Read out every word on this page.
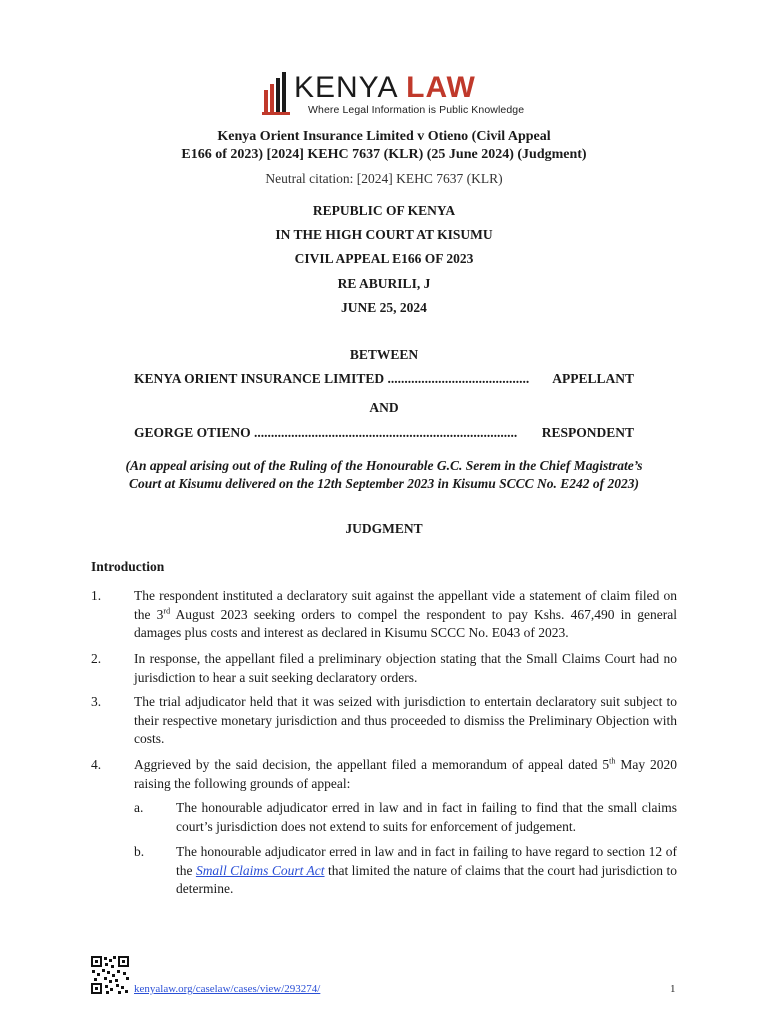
KENYA LAW
Where Legal Information is Public Knowledge
Kenya Orient Insurance Limited v Otieno (Civil Appeal
E166 of 2023) [2024] KEHC 7637 (KLR) (25 June 2024) (Judgment)
Neutral citation: [2024] KEHC 7637 (KLR)
REPUBLIC OF KENYA
IN THE HIGH COURT AT KISUMU
CIVIL APPEAL E166 OF 2023
RE ABURILI, J
JUNE 25, 2024
BETWEEN
KENYA ORIENT INSURANCE LIMITED .......................................... APPELLANT
AND
GEORGE OTIENO .............................................................................. RESPONDENT
(An appeal arising out of the Ruling of the Honourable G.C. Serem in the Chief Magistrate’s
Court at Kisumu delivered on the 12th September 2023 in Kisumu SCCC No. E242 of 2023)
JUDGMENT
Introduction
1. The respondent instituted a declaratory suit against the appellant vide a statement of claim filed on the 3rd August 2023 seeking orders to compel the respondent to pay Kshs. 467,490 in general damages plus costs and interest as declared in Kisumu SCCC No. E043 of 2023.
2. In response, the appellant filed a preliminary objection stating that the Small Claims Court had no jurisdiction to hear a suit seeking declaratory orders.
3. The trial adjudicator held that it was seized with jurisdiction to entertain declaratory suit subject to their respective monetary jurisdiction and thus proceeded to dismiss the Preliminary Objection with costs.
4. Aggrieved by the said decision, the appellant filed a memorandum of appeal dated 5th May 2020 raising the following grounds of appeal:
a. The honourable adjudicator erred in law and in fact in failing to find that the small claims court’s jurisdiction does not extend to suits for enforcement of judgement.
b. The honourable adjudicator erred in law and in fact in failing to have regard to section 12 of the Small Claims Court Act that limited the nature of claims that the court had jurisdiction to determine.
kenyalaw.org/caselaw/cases/view/293274/	1
